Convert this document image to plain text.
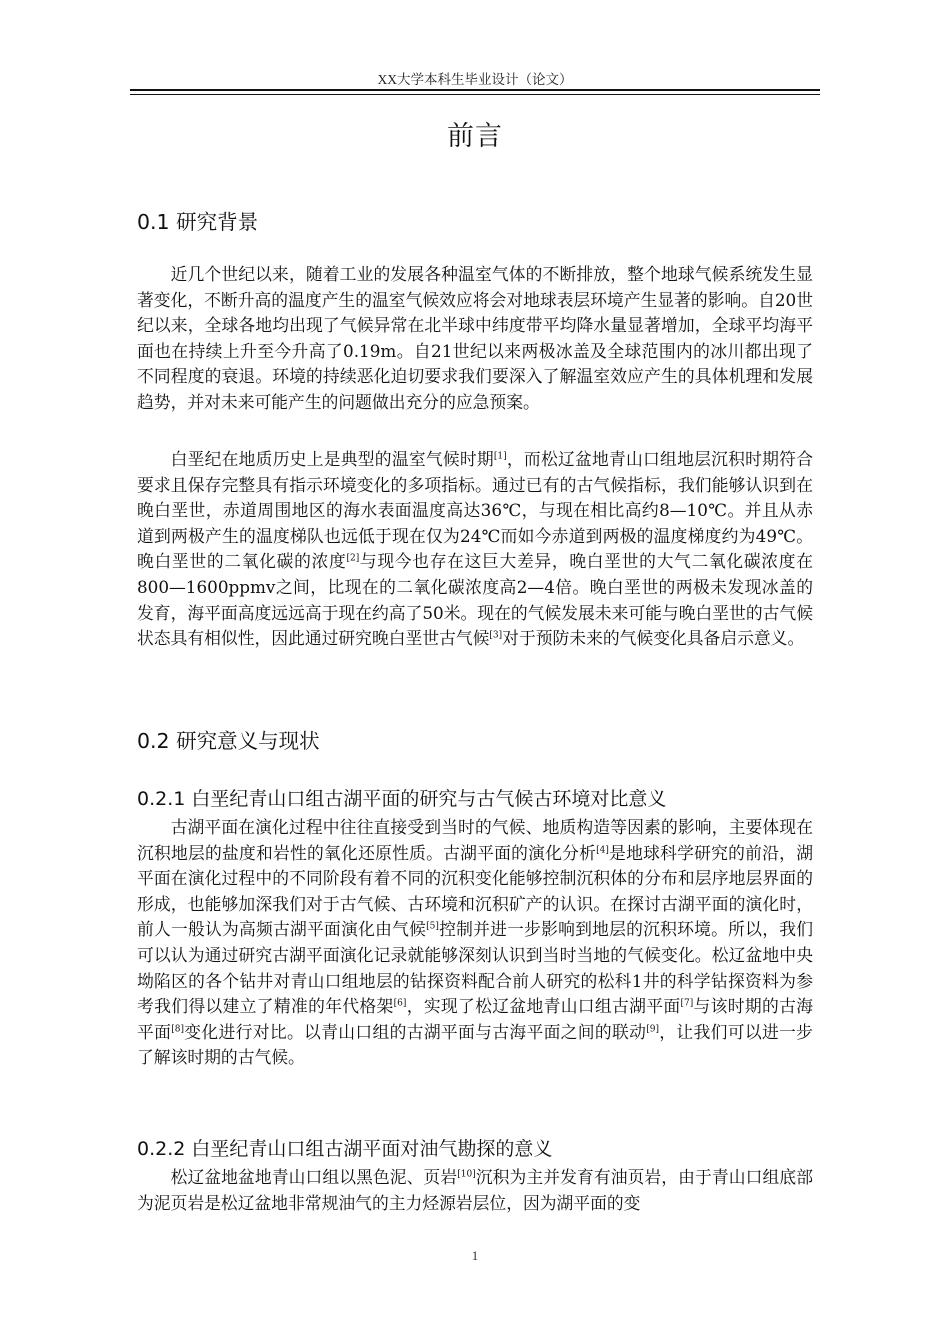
XX大学本科生毕业设计（论文）
前言
0.1 研究背景

近几个世纪以来，随着工业的发展各种温室气体的不断排放，整个地球气候系统发生显著变化，不断升高的温度产生的温室气候效应将会对地球表层环境产生显著的影响。自20世纪以来，全球各地均出现了气候异常在北半球中纬度带平均降水量显著增加，全球平均海平面也在持续上升至今升高了0.19m。自21世纪以来两极冰盖及全球范围内的冰川都出现了不同程度的衰退。环境的持续恶化迫切要求我们要深入了解温室效应产生的具体机理和发展趋势，并对未来可能产生的问题做出充分的应急预案。

白垩纪在地质历史上是典型的温室气候时期[1]，而松辽盆地青山口组地层沉积时期符合要求且保存完整具有指示环境变化的多项指标。通过已有的古气候指标，我们能够认识到在晚白垩世，赤道周围地区的海水表面温度高达36℃，与现在相比高约8—10℃。并且从赤道到两极产生的温度梯队也远低于现在仅为24℃而如今赤道到两极的温度梯度约为49℃。晚白垩世的二氧化碳的浓度[2]与现今也存在这巨大差异，晚白垩世的大气二氧化碳浓度在800—1600ppmv之间，比现在的二氧化碳浓度高2—4倍。晚白垩世的两极未发现冰盖的发育，海平面高度远远高于现在约高了50米。现在的气候发展未来可能与晚白垩世的古气候状态具有相似性，因此通过研究晚白垩世古气候[3]对于预防未来的气候变化具备启示意义。

0.2 研究意义与现状
0.2.1 白垩纪青山口组古湖平面的研究与古气候古环境对比意义

古湖平面在演化过程中往往直接受到当时的气候、地质构造等因素的影响，主要体现在沉积地层的盐度和岩性的氧化还原性质。古湖平面的演化分析[4]是地球科学研究的前沿，湖平面在演化过程中的不同阶段有着不同的沉积变化能够控制沉积体的分布和层序地层界面的形成，也能够加深我们对于古气候、古环境和沉积矿产的认识。在探讨古湖平面的演化时，前人一般认为高频古湖平面演化由气候[5]控制并进一步影响到地层的沉积环境。所以，我们可以认为通过研究古湖平面演化记录就能够深刻认识到当时当地的气候变化。松辽盆地中央坳陷区的各个钻井对青山口组地层的钻探资料配合前人研究的松科1井的科学钻探资料为参考我们得以建立了精准的年代格架[6]，实现了松辽盆地青山口组古湖平面[7]与该时期的古海平面[8]变化进行对比。以青山口组的古湖平面与古海平面之间的联动[9]，让我们可以进一步了解该时期的古气候。

0.2.2 白垩纪青山口组古湖平面对油气勘探的意义

松辽盆地盆地青山口组以黑色泥、页岩[10]沉积为主并发育有油页岩，由于青山口组底部为泥页岩是松辽盆地非常规油气的主力烃源岩层位，因为湖平面的变

1
